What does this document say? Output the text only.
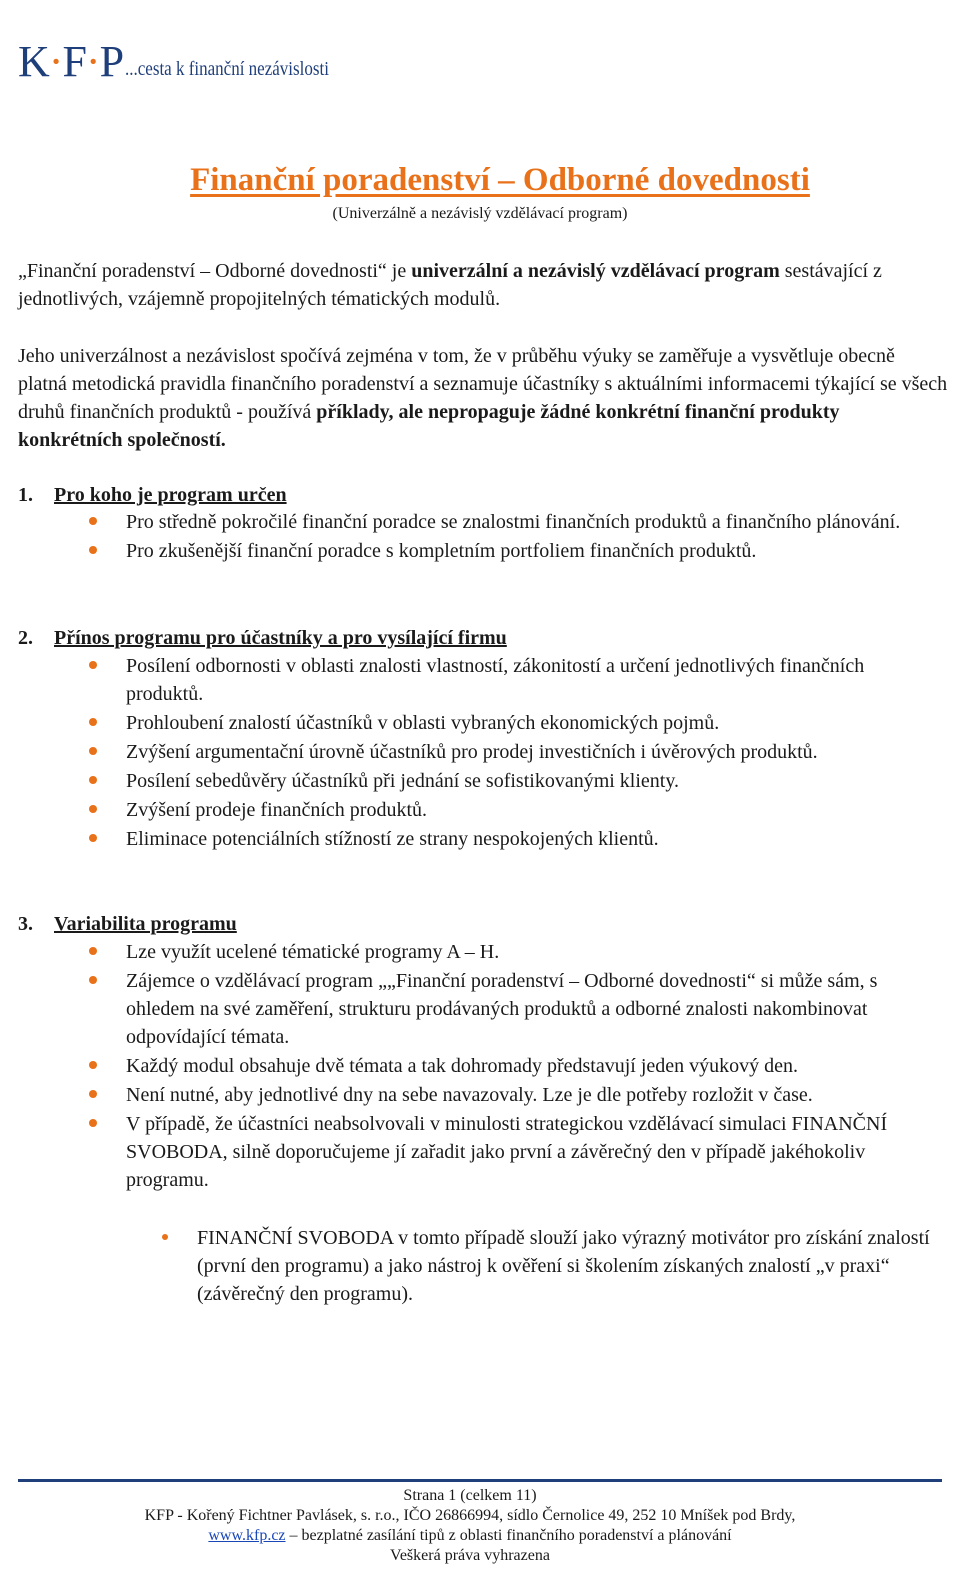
K·F·P ...cesta k finanční nezávislosti
Finanční poradenství – Odborné dovednosti
(Univerzálně a nezávislý vzdělávací program)
„Finanční poradenství – Odborné dovednosti“ je univerzální a nezávislý vzdělávací program sestávající z jednotlivých, vzájemně propojitelných tématických modulů.
Jeho univerzálnost a nezávislost spočívá zejména v tom, že v průběhu výuky se zaměřuje a vysvětluje obecně platná metodická pravidla finančního poradenství a seznamuje účastníky s aktuálními informacemi týkající se všech druhů finančních produktů - používá příklady, ale nepropaguje žádné konkrétní finanční produkty konkrétních společností.
1. Pro koho je program určen
Pro středně pokročilé finanční poradce se znalostmi finančních produktů a finančního plánování.
Pro zkušenější finanční poradce s kompletním portfoliem finančních produktů.
2. Přínos programu pro účastníky a pro vysílající firmu
Posílení odbornosti v oblasti znalosti vlastností, zákonitostí a určení jednotlivých finančních produktů.
Prohloubení znalostí účastníků v oblasti vybraných ekonomických pojmů.
Zvýšení argumentační úrovně účastníků pro prodej investičních i úvěrových produktů.
Posílení sebedůvěry účastníků při jednání se sofistikovanými klienty.
Zvýšení prodeje finančních produktů.
Eliminace potenciálních stížností ze strany nespokojených klientů.
3. Variabilita programu
Lze využít ucelené tématické programy A – H.
Zájemce o vzdělávací program „„Finanční poradenství – Odborné dovednosti“ si může sám, s ohledem na své zaměření, strukturu prodávaných produktů a odborné znalosti nakombinovat odpovídající témata.
Každý modul obsahuje dvě témata a tak dohromady představují jeden výukový den.
Není nutné, aby jednotlivé dny na sebe navazovaly. Lze je dle potřeby rozložit v čase.
V případě, že účastníci neabsolvovali v minulosti strategickou vzdělávací simulaci FINANČNÍ SVOBODA, silně doporučujeme jí zařadit jako první a závěrečný den v případě jakéhokoliv programu.
FINANČNÍ SVOBODA v tomto případě slouží jako výrazný motivátor pro získání znalostí (první den programu) a jako nástroj k ověření si školením získaných znalostí „v praxi“ (závěrečný den programu).
Strana 1 (celkem 11)
KFP - Kořený Fichtner Pavlásek, s. r.o., IČO 26866994, sídlo Černolice 49, 252 10 Mníšek pod Brdy,
www.kfp.cz – bezplatné zasílání tipů z oblasti finančního poradenství a plánování
Veškerá práva vyhrazena
